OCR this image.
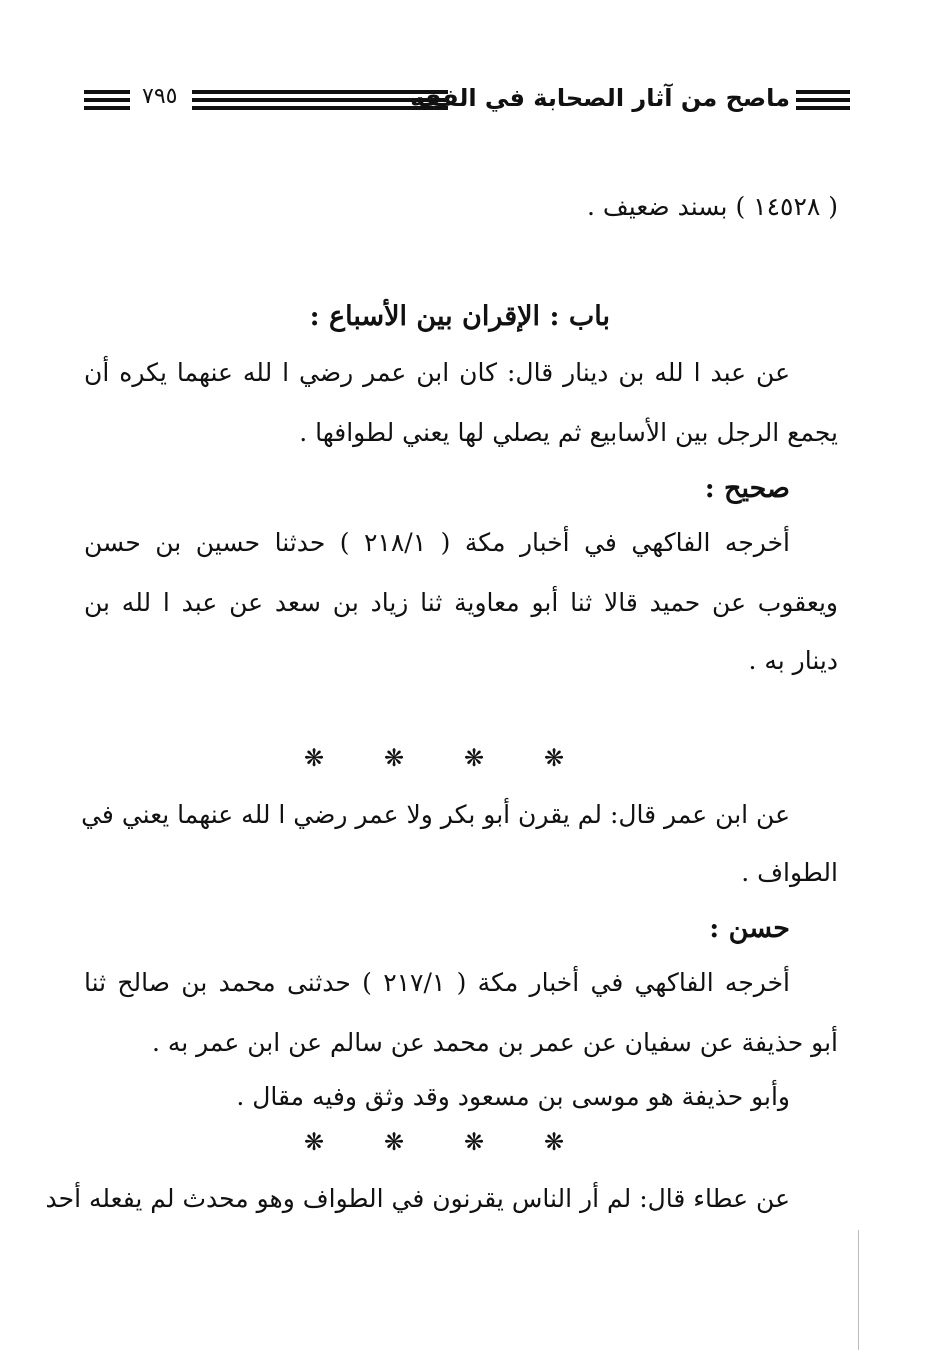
٧٩٥	ماصح من آثار الصحابة في الفقه
( ١٤٥٢٨ ) بسند ضعيف .
باب : الإقران بين الأسباع :
عن عبد ا لله بن دينار قال: كان ابن عمر رضي ا لله عنهما يكره أن
يجمع الرجل بين الأسابيع ثم يصلي لها يعني لطوافها .
صحيح :
أخرجه الفاكهي في أخبار مكة ( ٢١٨/١ ) حدثنا حسين بن حسن
ويعقوب عن حميد قالا ثنا أبو معاوية ثنا زياد بن سعد عن عبد ا لله بن
دينار به .
❋❋❋❋
عن ابن عمر قال: لم يقرن أبو بكر ولا عمر رضي ا لله عنهما يعني في
الطواف .
حسن :
أخرجه الفاكهي في أخبار مكة ( ٢١٧/١ ) حدثنى محمد بن صالح ثنا
أبو حذيفة عن سفيان عن عمر بن محمد عن سالم عن ابن عمر به .
وأبو حذيفة هو موسى بن مسعود وقد وثق وفيه مقال .
❋❋❋❋
عن عطاء قال: لم أر الناس يقرنون في الطواف وهو محدث لم يفعله أحد
